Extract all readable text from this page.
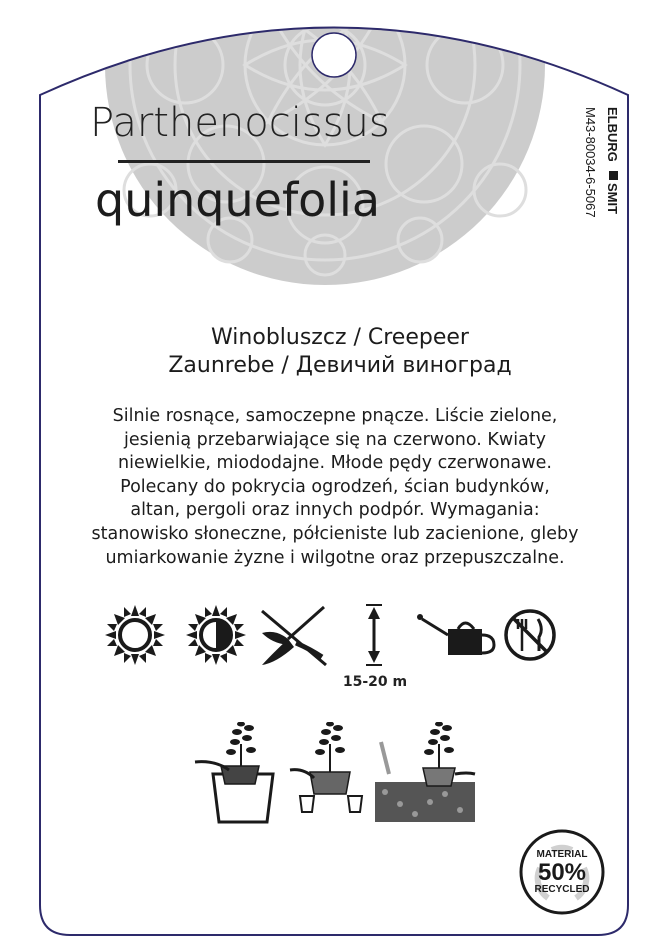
Parthenocissus
quinquefolia
ELBURG
SMIT
M43-80034-6-5067
Winobluszcz / Creepeer
Zaunrebe / Девичий виноград
Silnie rosnące, samoczepne pnącze. Liście zielone,
jesienią przebarwiające się na czerwono. Kwiaty
niewielkie, miododajne. Młode pędy czerwonawe.
Polecany do pokrycia ogrodzeń, ścian budynków,
altan, pergoli oraz innych podpór. Wymagania:
stanowisko słoneczne, półcieniste lub zacienione, gleby
umiarkowanie żyzne i wilgotne oraz przepuszczalne.
15-20 m
MATERIAL
50%
RECYCLED
